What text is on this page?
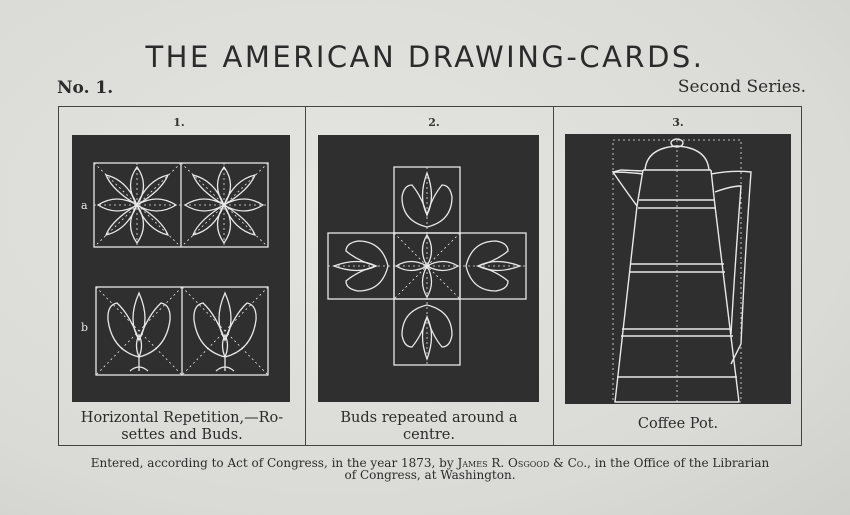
THE AMERICAN DRAWING-CARDS.
No. 1.	Second Series.
1.
a
b
Horizontal Repetition,—Ro-
settes and Buds.
2.
Buds repeated around a
centre.
3.
Coffee Pot.
Entered, according to Act of Congress, in the year 1873, by James R. Osgood & Co., in the Office of the Librarian
of Congress, at Washington.
